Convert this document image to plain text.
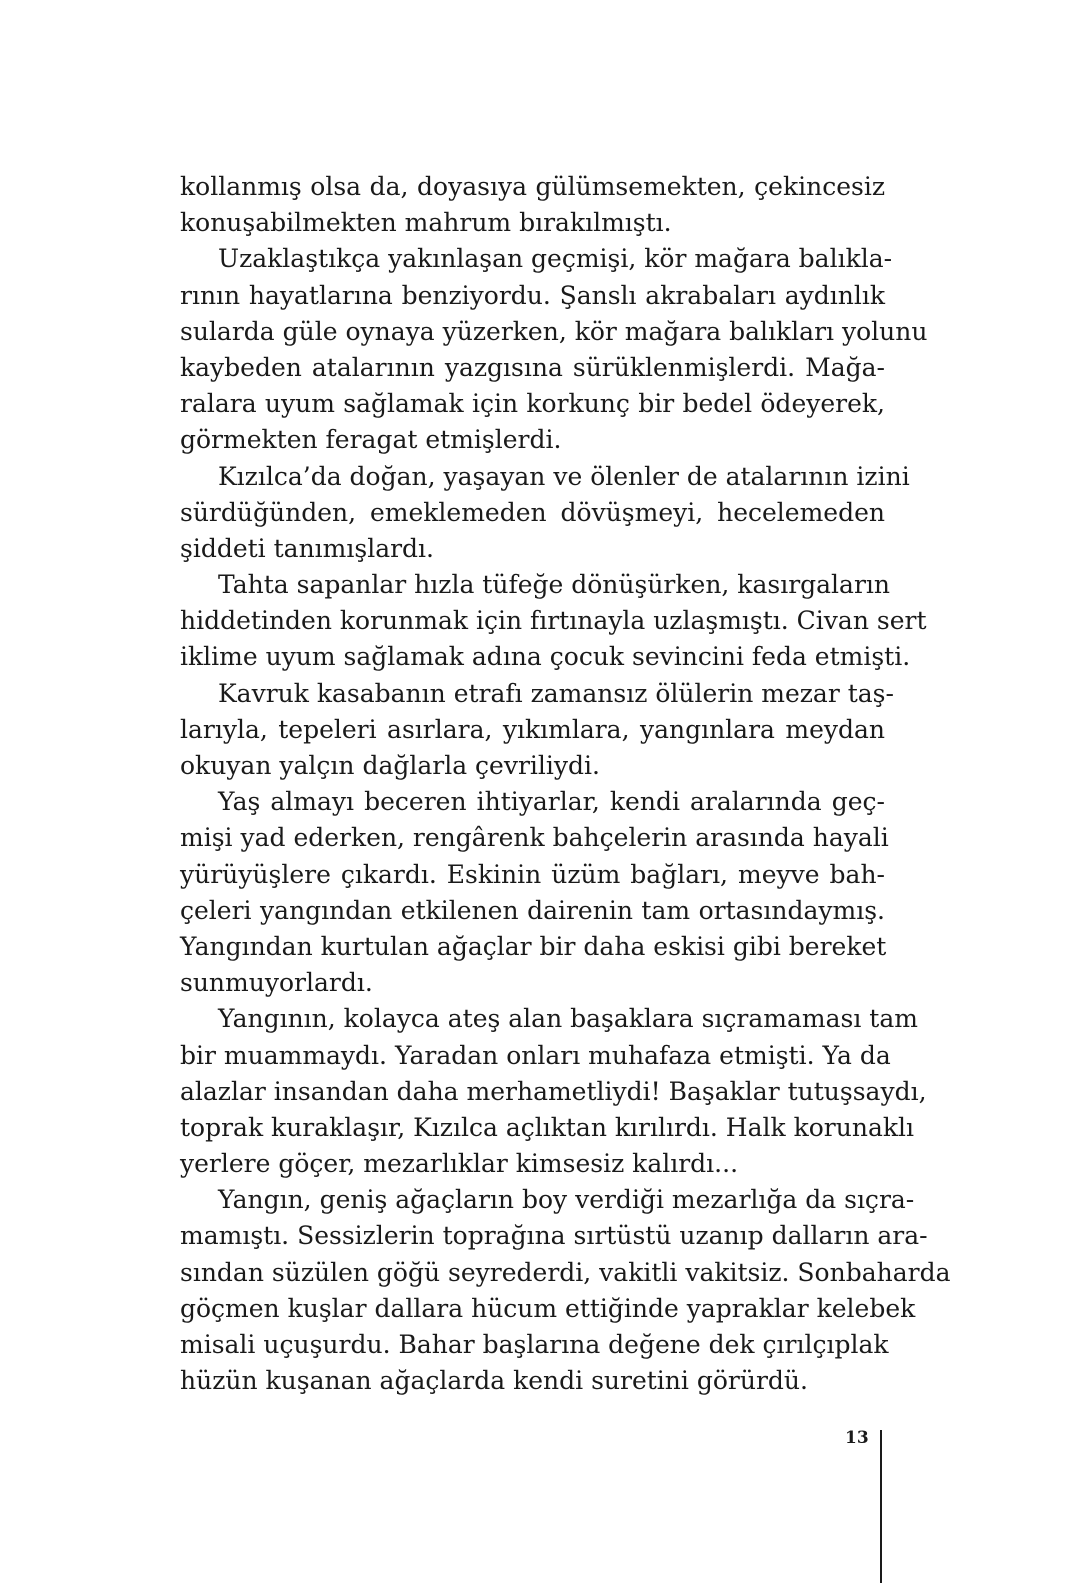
kollanmış olsa da, doyasıya gülümsemekten, çekincesiz
konuşabilmekten mahrum bırakılmıştı.
Uzaklaştıkça yakınlaşan geçmişi, kör mağara balıkla-
rının hayatlarına benziyordu. Şanslı akrabaları aydınlık
sularda güle oynaya yüzerken, kör mağara balıkları yolunu
kaybeden atalarının yazgısına sürüklenmişlerdi. Mağa-
ralara uyum sağlamak için korkunç bir bedel ödeyerek,
görmekten feragat etmişlerdi.
Kızılca’da doğan, yaşayan ve ölenler de atalarının izini
sürdüğünden, emeklemeden dövüşmeyi, hecelemeden
şiddeti tanımışlardı.
Tahta sapanlar hızla tüfeğe dönüşürken, kasırgaların
hiddetinden korunmak için fırtınayla uzlaşmıştı. Civan sert
iklime uyum sağlamak adına çocuk sevincini feda etmişti.
Kavruk kasabanın etrafı zamansız ölülerin mezar taş-
larıyla, tepeleri asırlara, yıkımlara, yangınlara meydan
okuyan yalçın dağlarla çevriliydi.
Yaş almayı beceren ihtiyarlar, kendi aralarında geç-
mişi yad ederken, rengârenk bahçelerin arasında hayali
yürüyüşlere çıkardı. Eskinin üzüm bağları, meyve bah-
çeleri yangından etkilenen dairenin tam ortasındaymış.
Yangından kurtulan ağaçlar bir daha eskisi gibi bereket
sunmuyorlardı.
Yangının, kolayca ateş alan başaklara sıçramaması tam
bir muammaydı. Yaradan onları muhafaza etmişti. Ya da
alazlar insandan daha merhametliydi! Başaklar tutuşsaydı,
toprak kuraklaşır, Kızılca açlıktan kırılırdı. Halk korunaklı
yerlere göçer, mezarlıklar kimsesiz kalırdı...
Yangın, geniş ağaçların boy verdiği mezarlığa da sıçra-
mamıştı. Sessizlerin toprağına sırtüstü uzanıp dalların ara-
sından süzülen göğü seyrederdi, vakitli vakitsiz. Sonbaharda
göçmen kuşlar dallara hücum ettiğinde yapraklar kelebek
misali uçuşurdu. Bahar başlarına değene dek çırılçıplak
hüzün kuşanan ağaçlarda kendi suretini görürdü.
13
